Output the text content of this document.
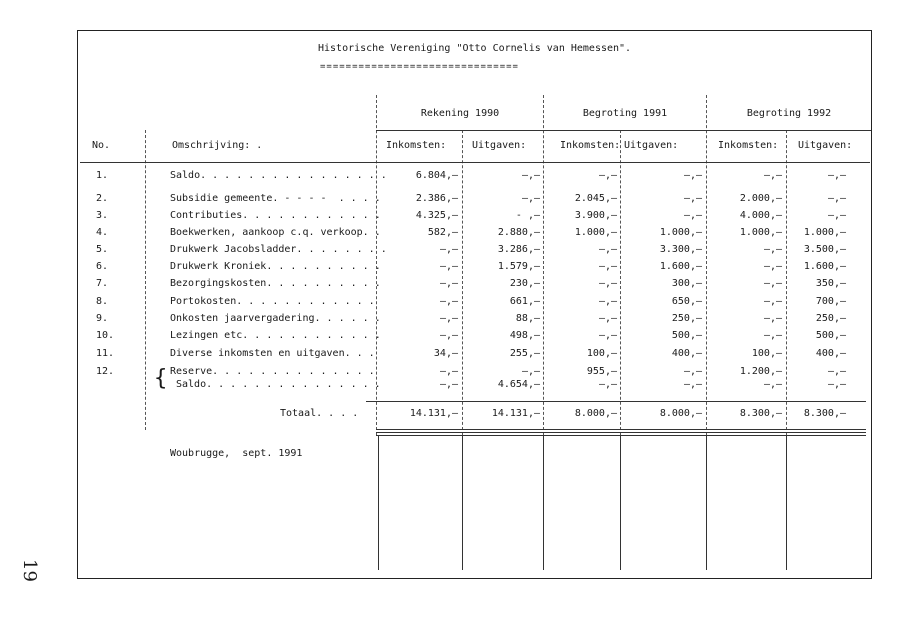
Historische Vereniging "Otto Cornelis van Hemessen".
===============================
Rekening 1990	Begroting 1991	Begroting 1992
No.	Omschrijving: .	Inkomsten:	Uitgaven:	Inkomsten: Uitgaven:	Inkomsten: Uitgaven:
1.	Saldo. . . . . . . . . . . . . . . .	6.804,—	—,—	—,—	—,—	—,—	—,—
2.	Subsidie gemeente. - - - -  . . . .	2.386,—	—,—	2.045,—	—,—	2.000,—	—,—
3.	Contributies. . . . . . . . . . . .	4.325,—	- ,—	3.900,—	—,—	4.000,—	—,—
4.	Boekwerken, aankoop c.q. verkoop. .	582,—	2.880,—	1.000,—	1.000,—	1.000,—	1.000,—
5.	Drukwerk Jacobsladder. . . . . . . .	—,—	3.286,—	—,—	3.300,—	—,—	3.500,—
6.	Drukwerk Kroniek. . . . . . . . . .	—,—	1.579,—	—,—	1.600,—	—,—	1.600,—
7.	Bezorgingskosten. . . . . . . . . .	—,—	230,—	—,—	300,—	—,—	350,—
8.	Portokosten. . . . . . . . . . . .	—,—	661,—	—,—	650,—	—,—	700,—
9.	Onkosten jaarvergadering. . . . . .	—,—	88,—	—,—	250,—	—,—	250,—
10.	Lezingen etc. . . . . . . . . . . .	—,—	498,—	—,—	500,—	—,—	500,—
11.	Diverse inkomsten en uitgaven. . .	34,—	255,—	100,—	400,—	100,—	400,—
12.	Reserve. . . . . . . . . . . . . .	—,—	—,—	955,—	—,—	1.200,—	—,—
Saldo. . . . . . . . . . . . . . .	—,—	4.654,—	—,—	—,—	—,—	—,—
{
Totaal. . . .	14.131,—	14.131,—	8.000,—	8.000,—	8.300,—	8.300,—
Woubrugge,  sept. 1991
19
